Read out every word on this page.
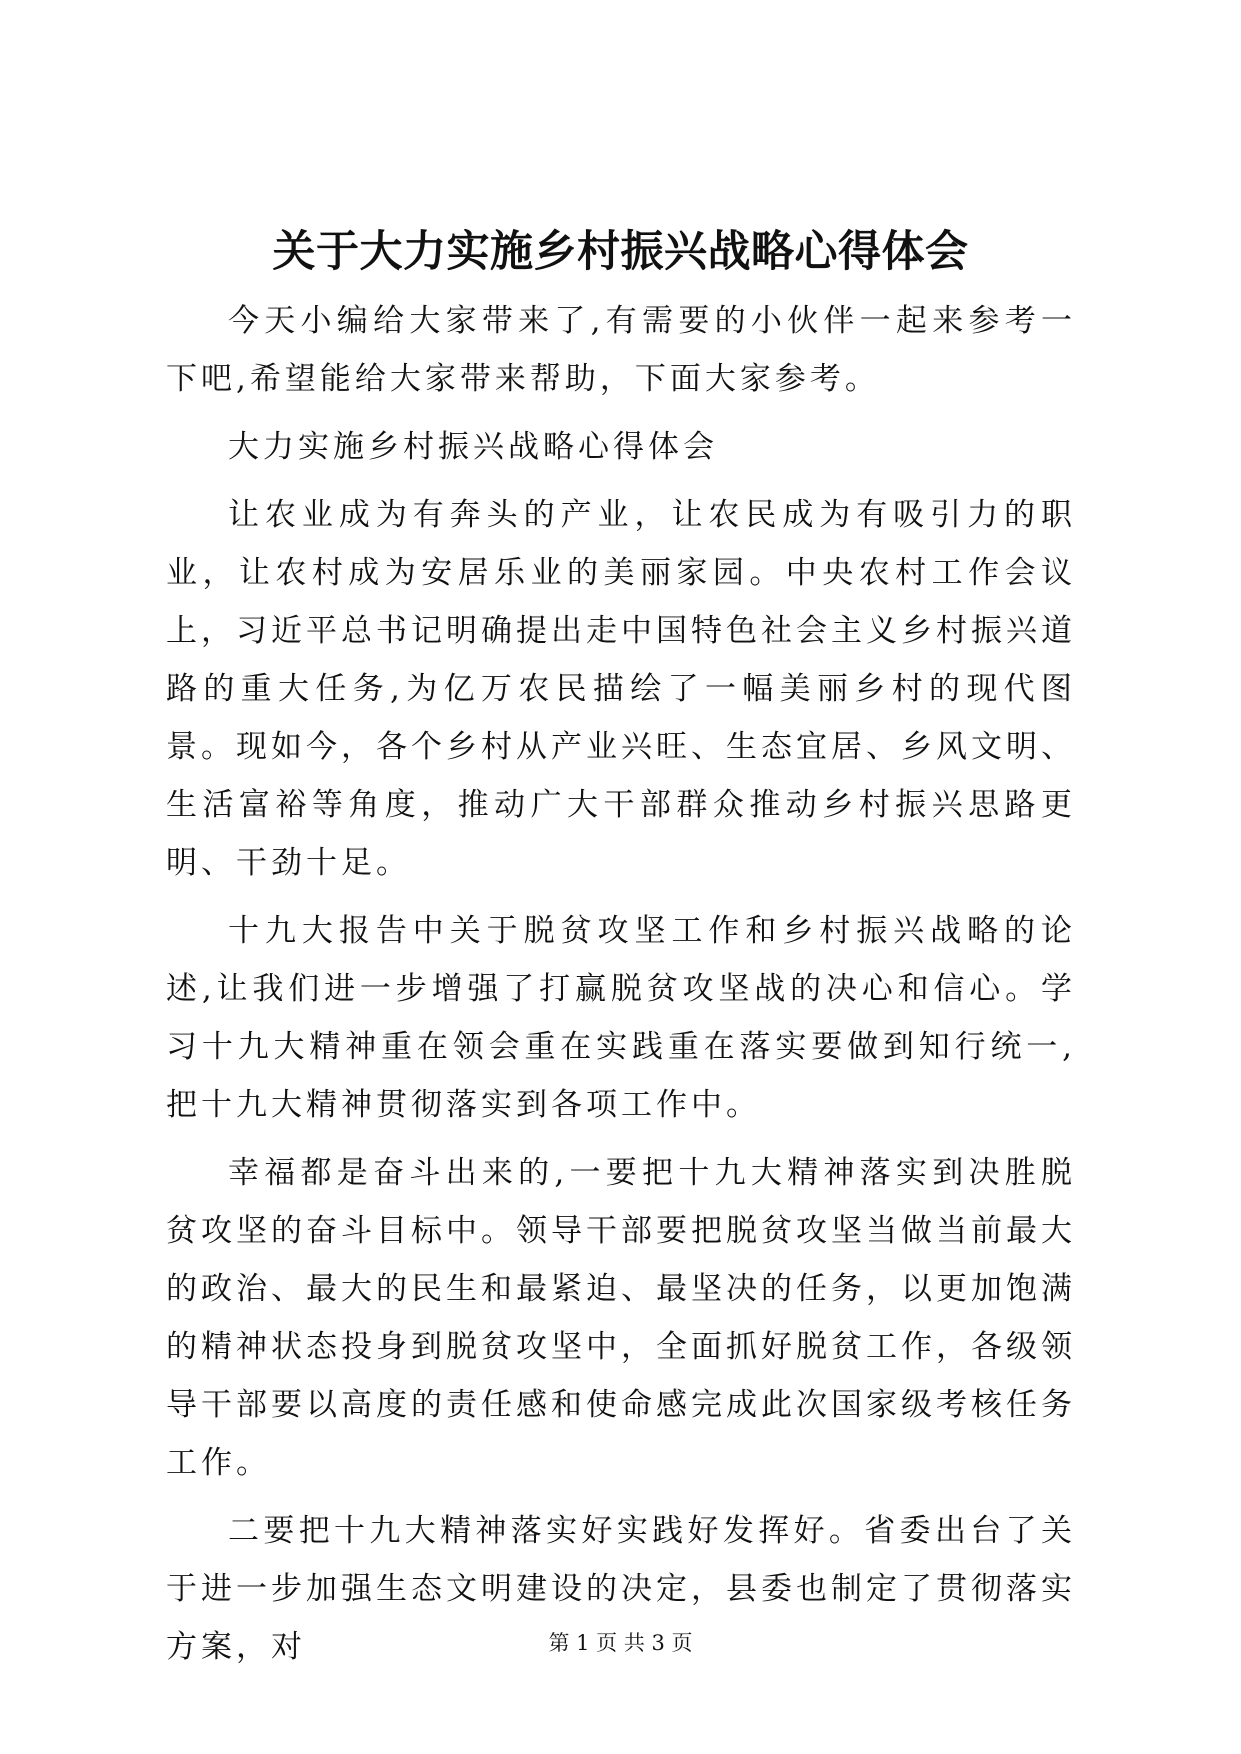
关于大力实施乡村振兴战略心得体会

今天小编给大家带来了,有需要的小伙伴一起来参考一下吧,希望能给大家带来帮助，下面大家参考。

大力实施乡村振兴战略心得体会

让农业成为有奔头的产业，让农民成为有吸引力的职业，让农村成为安居乐业的美丽家园。中央农村工作会议上，习近平总书记明确提出走中国特色社会主义乡村振兴道路的重大任务,为亿万农民描绘了一幅美丽乡村的现代图景。现如今，各个乡村从产业兴旺、生态宜居、乡风文明、生活富裕等角度，推动广大干部群众推动乡村振兴思路更明、干劲十足。

十九大报告中关于脱贫攻坚工作和乡村振兴战略的论述,让我们进一步增强了打赢脱贫攻坚战的决心和信心。学习十九大精神重在领会重在实践重在落实要做到知行统一,把十九大精神贯彻落实到各项工作中。

幸福都是奋斗出来的,一要把十九大精神落实到决胜脱贫攻坚的奋斗目标中。领导干部要把脱贫攻坚当做当前最大的政治、最大的民生和最紧迫、最坚决的任务，以更加饱满的精神状态投身到脱贫攻坚中，全面抓好脱贫工作，各级领导干部要以高度的责任感和使命感完成此次国家级考核任务工作。

二要把十九大精神落实好实践好发挥好。省委出台了关于进一步加强生态文明建设的决定，县委也制定了贯彻落实方案，对	第 1 页 共 3 页
